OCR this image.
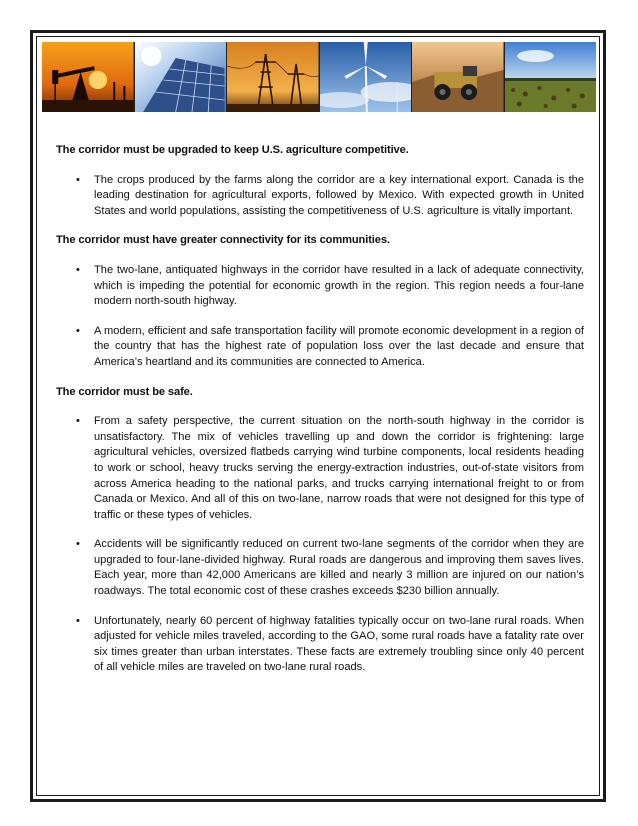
The corridor must be upgraded to keep U.S. agriculture competitive.

• The crops produced by the farms along the corridor are a key international export. Canada is the leading destination for agricultural exports, followed by Mexico. With expected growth in United States and world populations, assisting the competitiveness of U.S. agriculture is vitally important.

The corridor must have greater connectivity for its communities.

• The two-lane, antiquated highways in the corridor have resulted in a lack of adequate connectivity, which is impeding the potential for economic growth in the region. This region needs a four-lane modern north-south highway.
• A modern, efficient and safe transportation facility will promote economic development in a region of the country that has the highest rate of population loss over the last decade and ensure that America’s heartland and its communities are connected to America.

The corridor must be safe.

• From a safety perspective, the current situation on the north-south highway in the corridor is unsatisfactory. The mix of vehicles travelling up and down the corridor is frightening: large agricultural vehicles, oversized flatbeds carrying wind turbine components, local residents heading to work or school, heavy trucks serving the energy-extraction industries, out-of-state visitors from across America heading to the national parks, and trucks carrying international freight to or from Canada or Mexico. And all of this on two-lane, narrow roads that were not designed for this type of traffic or these types of vehicles.
• Accidents will be significantly reduced on current two-lane segments of the corridor when they are upgraded to four-lane-divided highway. Rural roads are dangerous and improving them saves lives. Each year, more than 42,000 Americans are killed and nearly 3 million are injured on our nation’s roadways. The total economic cost of these crashes exceeds $230 billion annually.
• Unfortunately, nearly 60 percent of highway fatalities typically occur on two-lane rural roads. When adjusted for vehicle miles traveled, according to the GAO, some rural roads have a fatality rate over six times greater than urban interstates. These facts are extremely troubling since only 40 percent of all vehicle miles are traveled on two-lane rural roads.
